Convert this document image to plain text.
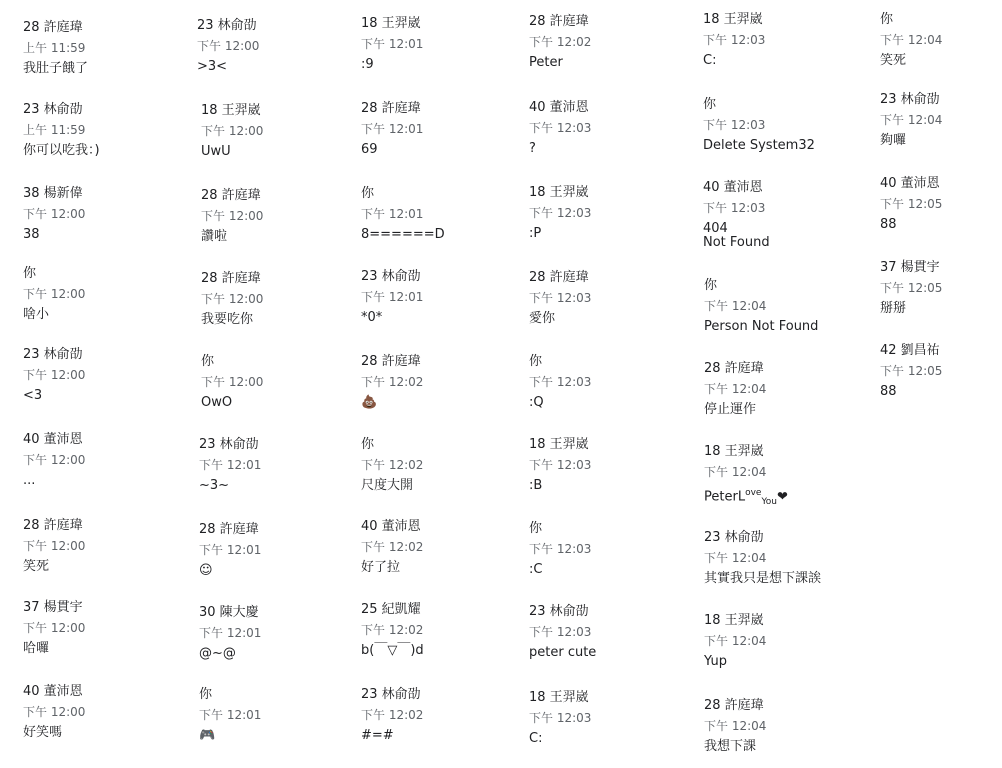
28 許庭瑋
上午 11:59
我肚子餓了
23 林俞劭
上午 11:59
你可以吃我：)
38 楊新偉
下午 12:00
38
你
下午 12:00
啥小
23 林俞劭
下午 12:00
<3
40 董沛恩
下午 12:00
...
28 許庭瑋
下午 12:00
笑死
37 楊貫宇
下午 12:00
哈囉
40 董沛恩
下午 12:00
好笑嗎
23 林俞劭
下午 12:00
>3<
18 王羿崴
下午 12:00
UwU
28 許庭瑋
下午 12:00
讚啦
28 許庭瑋
下午 12:00
我要吃你
你
下午 12:00
OwO
23 林俞劭
下午 12:01
~3~
28 許庭瑋
下午 12:01
☺
30 陳大慶
下午 12:01
@~@
你
下午 12:01
🎮
18 王羿崴
下午 12:01
:9
28 許庭瑋
下午 12:01
69
你
下午 12:01
8======D
23 林俞劭
下午 12:01
*0*
28 許庭瑋
下午 12:02
💩
你
下午 12:02
尺度大開
40 董沛恩
下午 12:02
好了拉
25 紀凱耀
下午 12:02
b(￣▽￣)d
23 林俞劭
下午 12:02
#=#
28 許庭瑋
下午 12:02
Peter
40 董沛恩
下午 12:03
?
18 王羿崴
下午 12:03
:P
28 許庭瑋
下午 12:03
愛你
你
下午 12:03
:Q
18 王羿崴
下午 12:03
:B
你
下午 12:03
:C
23 林俞劭
下午 12:03
peter cute
18 王羿崴
下午 12:03
C:
18 王羿崴
下午 12:03
C:
你
下午 12:03
Delete System32
40 董沛恩
下午 12:03
404
Not Found
你
下午 12:04
Person Not Found
28 許庭瑋
下午 12:04
停止運作
18 王羿崴
下午 12:04
PeterL$^{ove}_{You}$❤
23 林俞劭
下午 12:04
其實我只是想下課誒
18 王羿崴
下午 12:04
Yup
28 許庭瑋
下午 12:04
我想下課
你
下午 12:04
笑死
23 林俞劭
下午 12:04
夠囉
40 董沛恩
下午 12:05
88
37 楊貫宇
下午 12:05
掰掰
42 劉昌祐
下午 12:05
88
